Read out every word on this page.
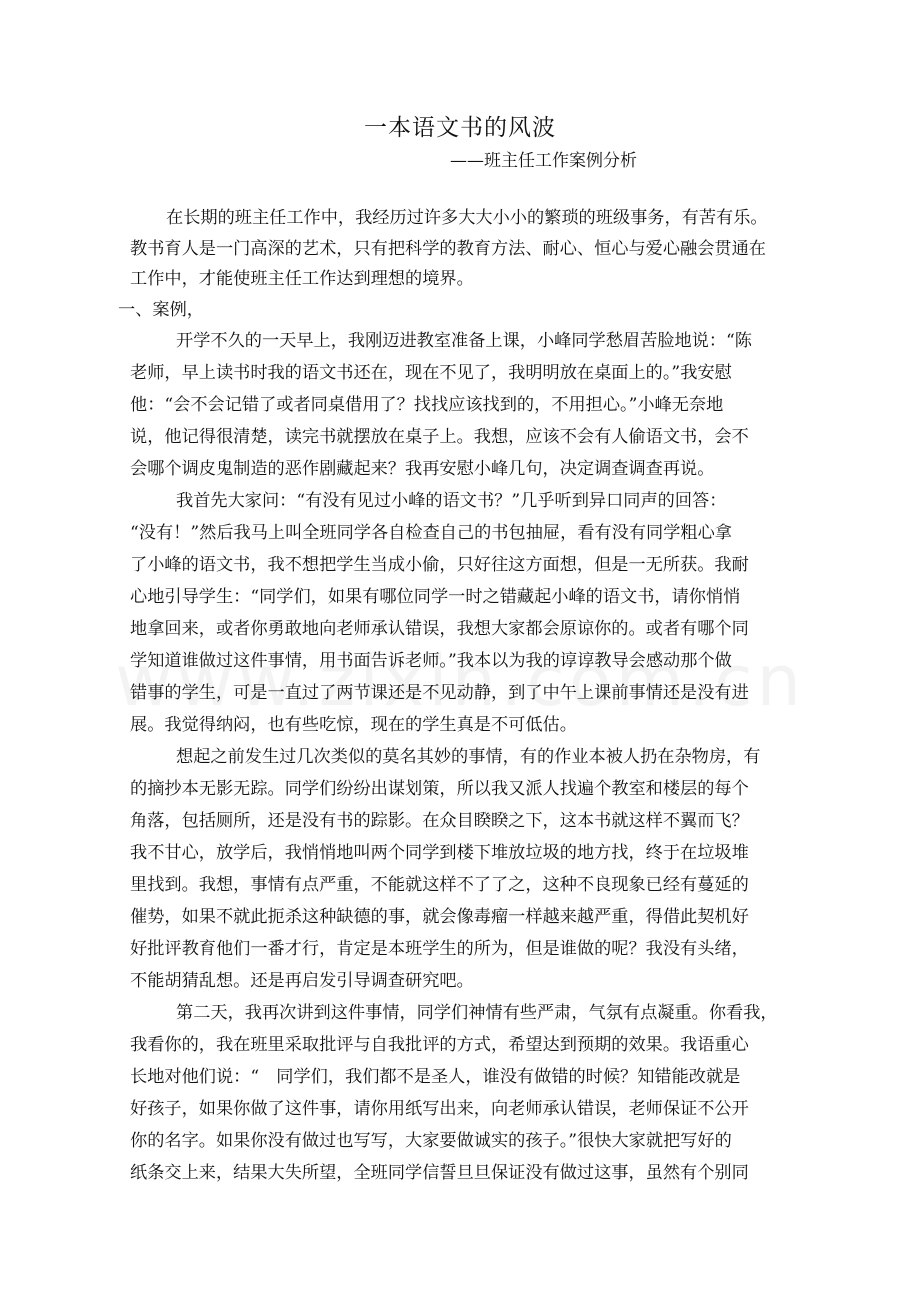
一本语文书的风波
——班主任工作案例分析
在长期的班主任工作中，我经历过许多大大小小的繁琐的班级事务，有苦有乐。
教书育人是一门高深的艺术，只有把科学的教育方法、耐心、恒心与爱心融会贯通在
工作中，才能使班主任工作达到理想的境界。
一、案例，
开学不久的一天早上，我刚迈进教室准备上课，小峰同学愁眉苦脸地说：“陈
老师，早上读书时我的语文书还在，现在不见了，我明明放在桌面上的。”我安慰
他：“会不会记错了或者同桌借用了？找找应该找到的，不用担心。”小峰无奈地
说，他记得很清楚，读完书就摆放在桌子上。我想，应该不会有人偷语文书，会不
会哪个调皮鬼制造的恶作剧藏起来？我再安慰小峰几句，决定调查调查再说。
我首先大家问：“有没有见过小峰的语文书？”几乎听到异口同声的回答：
“没有！”然后我马上叫全班同学各自检查自己的书包抽屉，看有没有同学粗心拿
了小峰的语文书，我不想把学生当成小偷，只好往这方面想，但是一无所获。我耐
心地引导学生：“同学们，如果有哪位同学一时之错藏起小峰的语文书，请你悄悄
地拿回来，或者你勇敢地向老师承认错误，我想大家都会原谅你的。或者有哪个同
学知道谁做过这件事情，用书面告诉老师。”我本以为我的谆谆教导会感动那个做
错事的学生，可是一直过了两节课还是不见动静，到了中午上课前事情还是没有进
展。我觉得纳闷，也有些吃惊，现在的学生真是不可低估。
想起之前发生过几次类似的莫名其妙的事情，有的作业本被人扔在杂物房，有
的摘抄本无影无踪。同学们纷纷出谋划策，所以我又派人找遍个教室和楼层的每个
角落，包括厕所，还是没有书的踪影。在众目睽睽之下，这本书就这样不翼而飞？
我不甘心，放学后，我悄悄地叫两个同学到楼下堆放垃圾的地方找，终于在垃圾堆
里找到。我想，事情有点严重，不能就这样不了了之，这种不良现象已经有蔓延的
催势，如果不就此扼杀这种缺德的事，就会像毒瘤一样越来越严重，得借此契机好
好批评教育他们一番才行，肯定是本班学生的所为，但是谁做的呢？我没有头绪，
不能胡猜乱想。还是再启发引导调查研究吧。
第二天，我再次讲到这件事情，同学们神情有些严肃，气氛有点凝重。你看我，
我看你的，我在班里采取批评与自我批评的方式，希望达到预期的效果。我语重心
长地对他们说：“　同学们，我们都不是圣人，谁没有做错的时候？知错能改就是
好孩子，如果你做了这件事，请你用纸写出来，向老师承认错误，老师保证不公开
你的名字。如果你没有做过也写写，大家要做诚实的孩子。”很快大家就把写好的
纸条交上来，结果大失所望，全班同学信誓旦旦保证没有做过这事，虽然有个别同
